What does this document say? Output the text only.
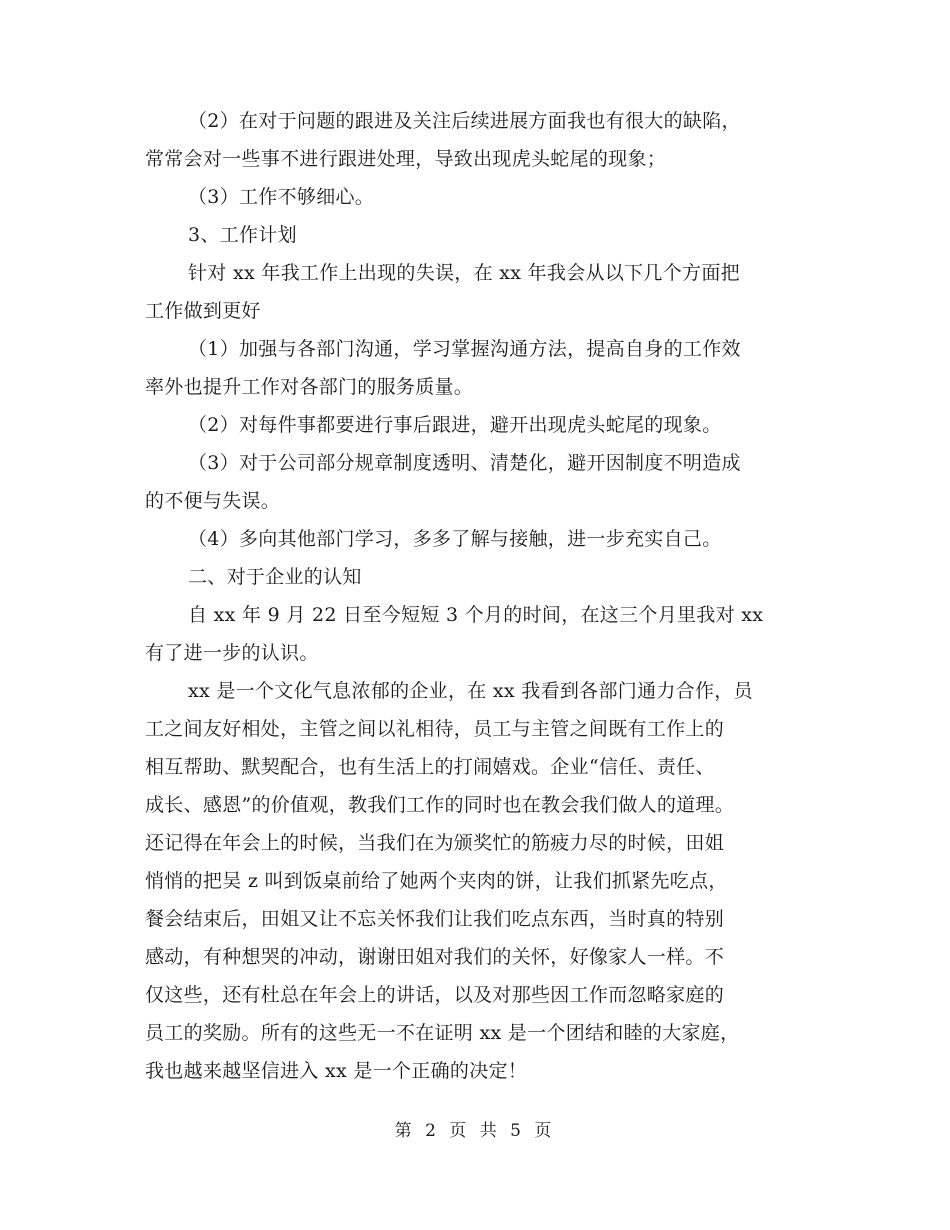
（2）在对于问题的跟进及关注后续进展方面我也有很大的缺陷，
常常会对一些事不进行跟进处理，导致出现虎头蛇尾的现象；
（3）工作不够细心。
3、工作计划
针对 xx 年我工作上出现的失误，在 xx 年我会从以下几个方面把
工作做到更好
（1）加强与各部门沟通，学习掌握沟通方法，提高自身的工作效
率外也提升工作对各部门的服务质量。
（2）对每件事都要进行事后跟进，避开出现虎头蛇尾的现象。
（3）对于公司部分规章制度透明、清楚化，避开因制度不明造成
的不便与失误。
（4）多向其他部门学习，多多了解与接触，进一步充实自己。
二、对于企业的认知
自 xx 年 9 月 22 日至今短短 3 个月的时间，在这三个月里我对 xx
有了进一步的认识。
xx 是一个文化气息浓郁的企业，在 xx 我看到各部门通力合作，员
工之间友好相处，主管之间以礼相待，员工与主管之间既有工作上的
相互帮助、默契配合，也有生活上的打闹嬉戏。企业“信任、责任、
成长、感恩”的价值观，教我们工作的同时也在教会我们做人的道理。
还记得在年会上的时候，当我们在为颁奖忙的筋疲力尽的时候，田姐
悄悄的把吴 z 叫到饭桌前给了她两个夹肉的饼，让我们抓紧先吃点，
餐会结束后，田姐又让不忘关怀我们让我们吃点东西，当时真的特别
感动，有种想哭的冲动，谢谢田姐对我们的关怀，好像家人一样。不
仅这些，还有杜总在年会上的讲话，以及对那些因工作而忽略家庭的
员工的奖励。所有的这些无一不在证明 xx 是一个团结和睦的大家庭，
我也越来越坚信进入 xx 是一个正确的决定！
第 2 页 共 5 页
